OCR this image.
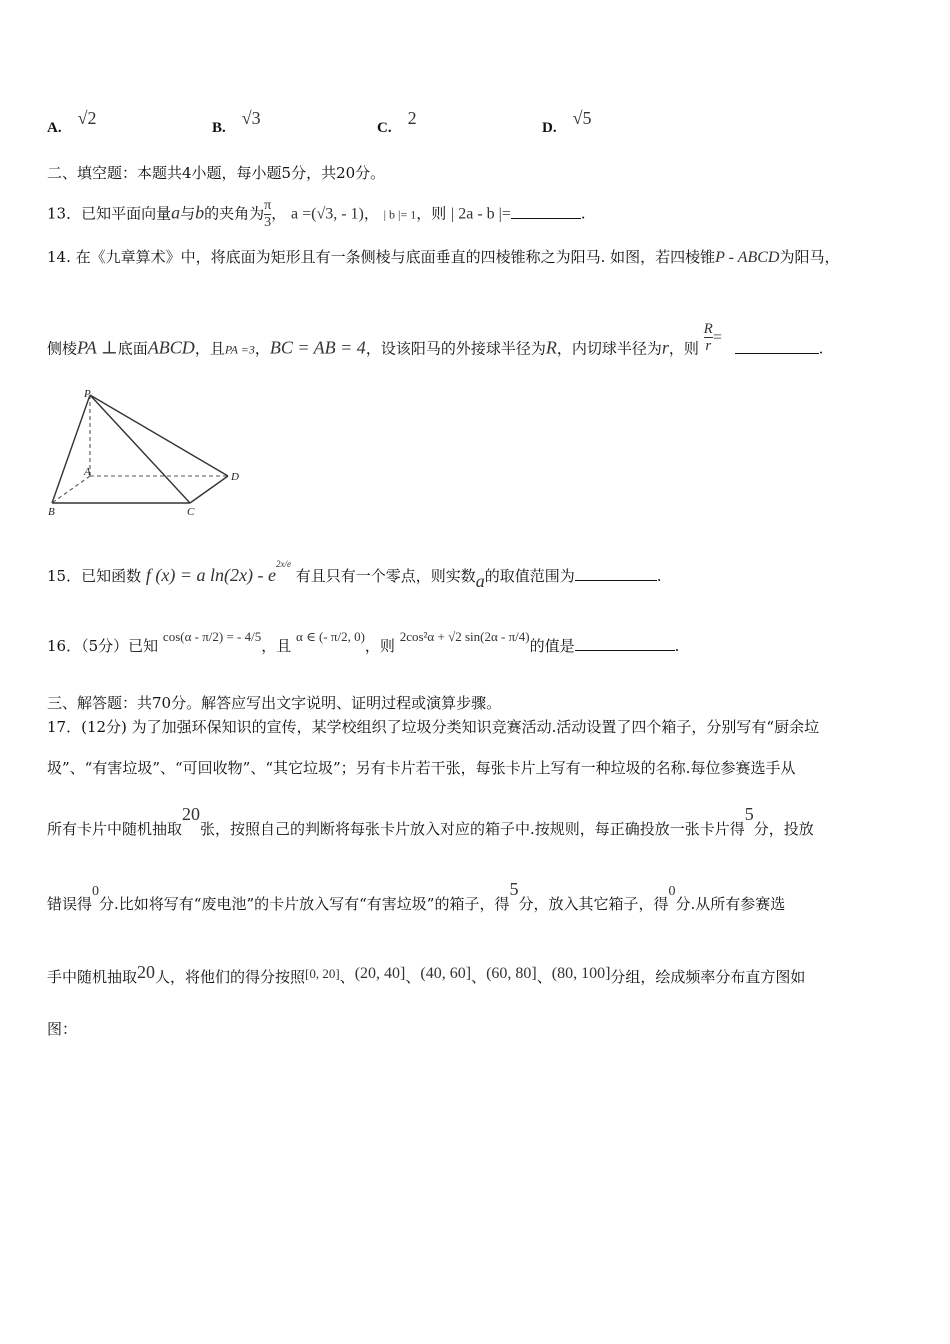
A. √2	B. √3	C. 2	D. √5
二、填空题：本题共4小题，每小题5分，共20分。
13．已知平面向量a与b的夹角为 $\frac{\pi}{3}$ ， a =(√3, - 1)， | b |= 1，则 | 2a - b |=	.
14. 在《九章算术》中，将底面为矩形且有一条侧棱与底面垂直的四棱锥称之为阳马. 如图，若四棱锥P - ABCD为阳马，
侧棱PA ⊥底面ABCD，且PA =3，BC = AB = 4，设该阳马的外接球半径为R，内切球半径为r，则 $\frac{R}{r}$ = .
P
A
B	C
D
15．已知函数 f (x) = a $\ln(2x) - e^{2x/e}$ 有且只有一个零点，则实数a的取值范围为	.
16．（5分）已知 cos(α - π/2) = - 4/5，且 α ∈ (- π/2, 0)，则 2cos²α + √2 sin(2α - π/4)的值是	.
三、解答题：共70分。解答应写出文字说明、证明过程或演算步骤。
17．(12分) 为了加强环保知识的宣传，某学校组织了垃圾分类知识竞赛活动.活动设置了四个箱子，分别写有“厨余垃
圾”、“有害垃圾”、“可回收物”、“其它垃圾”；另有卡片若干张，每张卡片上写有一种垃圾的名称.每位参赛选手从
所有卡片中随机抽取20张，按照自己的判断将每张卡片放入对应的箱子中.按规则，每正确投放一张卡片得5分，投放
错误得0分.比如将写有“废电池”的卡片放入写有“有害垃圾”的箱子，得5分，放入其它箱子，得0分.从所有参赛选
手中随机抽取20人，将他们的得分按照[0, 20]、(20, 40]、(40, 60]、(60, 80]、(80, 100]分组，绘成频率分布直方图如
图：
